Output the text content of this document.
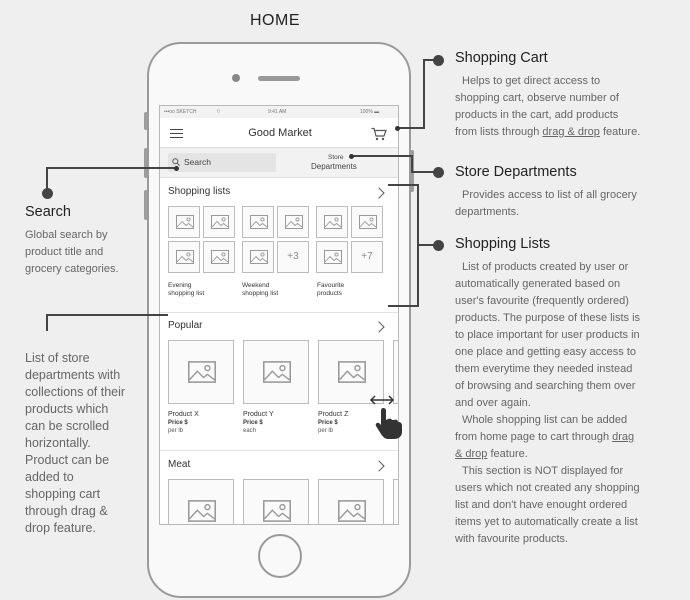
HOME
•••oo SKETCH	⌔	9:41 AM	100% ▬
Good Market
Search	Store
Departments
Shopping lists
+3	+7
Evening
shopping list
Weekend
shopping list
Favourite
products
Popular
Product X
Price $
per lb
Product Y
Price $
each
Product Z
Price $
per lb
Meat
Shopping Cart
Helps to get direct access to
shopping cart, observe number of
products in the cart, add products
from lists through drag & drop feature.
Store Departments
Provides access to list of all grocery
departments.
Shopping Lists
List of products created by user or
automatically generated based on
user's favourite (frequently ordered)
products. The purpose of these lists is
to place important for user products in
one place and getting easy access to
them everytime they needed instead
of browsing and searching them over
and over again.
Whole shopping list can be added
from home page to cart through drag
& drop feature.
This section is NOT displayed for
users which not created any shopping
list and don't have enought ordered
items yet to automatically create a list
with favourite products.
Search
Global search by
product title and
grocery categories.
List of store
departments with
collections of their
products which
can be scrolled
horizontally.
Product can be
added to
shopping cart
through drag &
drop feature.
